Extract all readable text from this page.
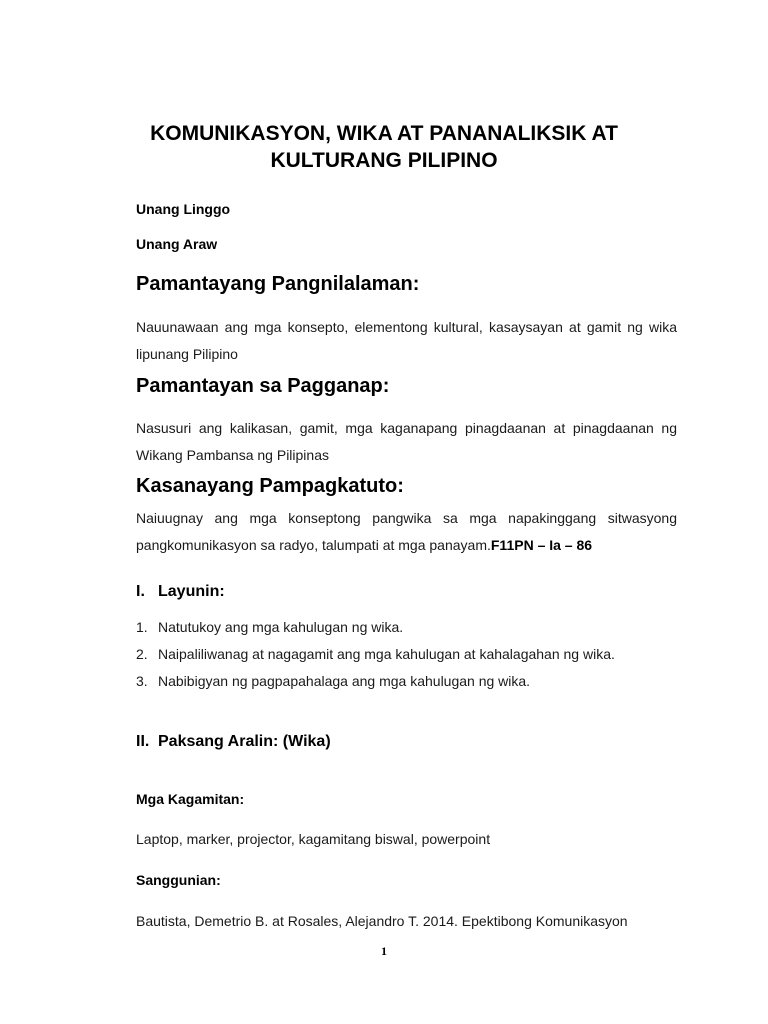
KOMUNIKASYON, WIKA AT PANANALIKSIK AT
KULTURANG PILIPINO

Unang Linggo

Unang Araw

Pamantayang Pangnilalaman:

Nauunawaan ang mga konsepto, elementong kultural, kasaysayan at gamit ng wika lipunang Pilipino

Pamantayan sa Pagganap:

Nasusuri ang kalikasan, gamit, mga kaganapang pinagdaanan at pinagdaanan ng Wikang Pambansa ng Pilipinas

Kasanayang Pampagkatuto:

Naiuugnay ang mga konseptong pangwika sa mga napakinggang sitwasyong pangkomunikasyon sa radyo, talumpati at mga panayam.F11PN – Ia – 86

I. Layunin:
1. Natutukoy ang mga kahulugan ng wika.
2. Naipaliliwanag at nagagamit ang mga kahulugan at kahalagahan ng wika.
3. Nabibigyan ng pagpapahalaga ang mga kahulugan ng wika.
II. Paksang Aralin: (Wika)

Mga Kagamitan:

Laptop, marker, projector, kagamitang biswal, powerpoint

Sanggunian:

Bautista, Demetrio B. at Rosales, Alejandro T. 2014. Epektibong Komunikasyon

1
